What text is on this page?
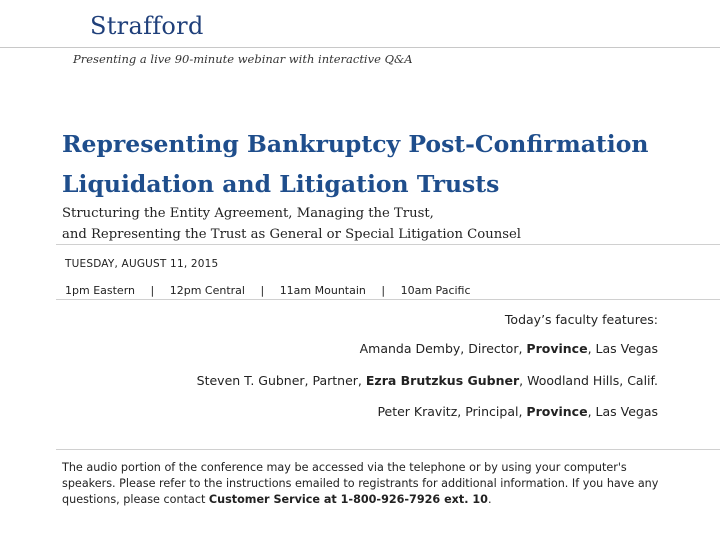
Strafford
Presenting a live 90‑minute webinar with interactive Q&A
Representing Bankruptcy Post-Confirmation
Liquidation and Litigation Trusts
Structuring the Entity Agreement, Managing the Trust,
and Representing the Trust as General or Special Litigation Counsel
TUESDAY, AUGUST 11, 2015
1pm Eastern | 12pm Central | 11am Mountain | 10am Pacific
Today’s faculty features:
Amanda Demby, Director, Province, Las Vegas
Steven T. Gubner, Partner, Ezra Brutzkus Gubner, Woodland Hills, Calif.
Peter Kravitz, Principal, Province, Las Vegas
The audio portion of the conference may be accessed via the telephone or by using your computer's speakers. Please refer to the instructions emailed to registrants for additional information. If you have any questions, please contact Customer Service at 1-800-926-7926 ext. 10.
